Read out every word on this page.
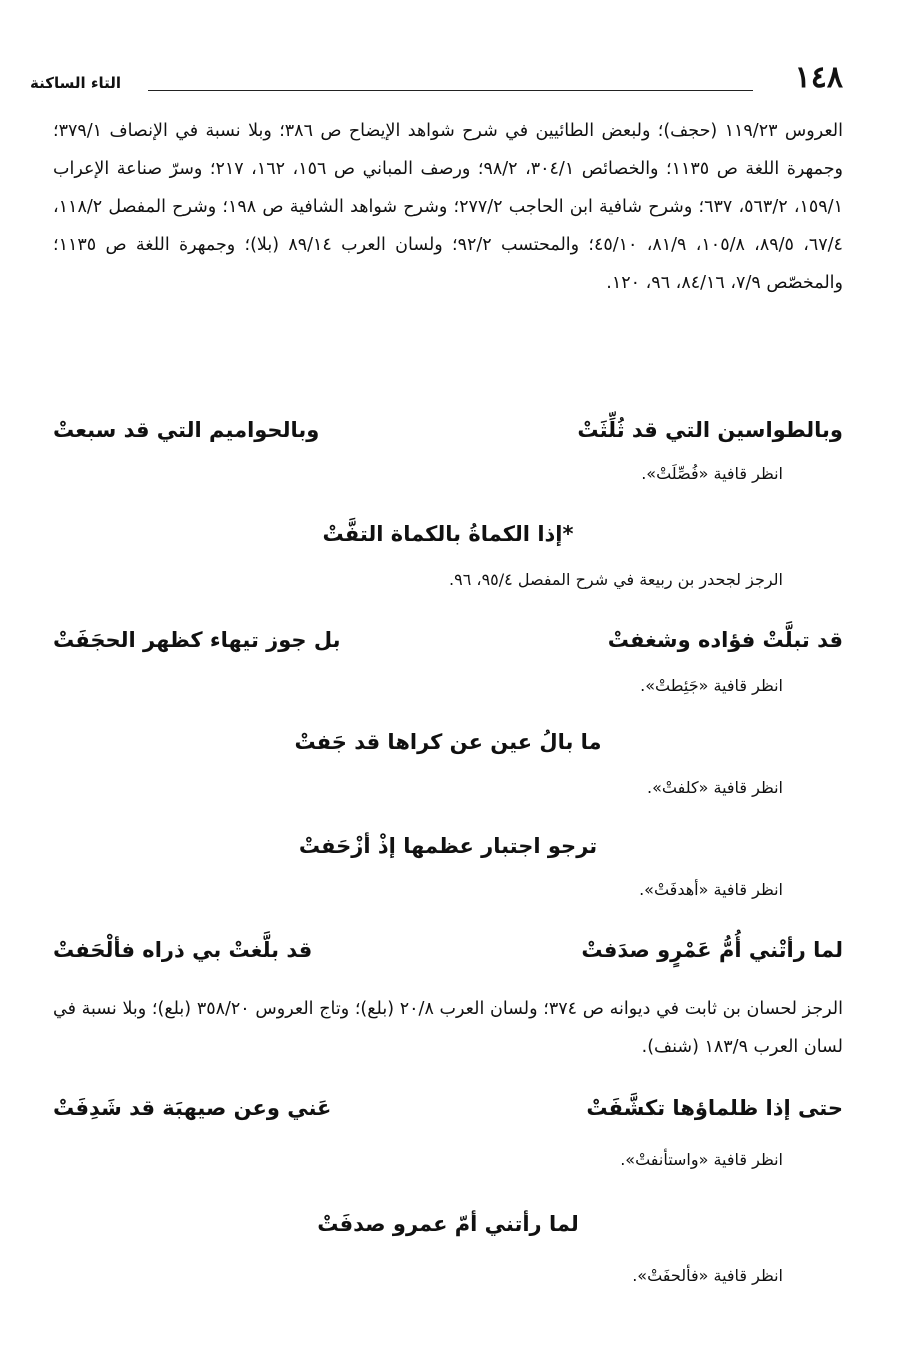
١٤٨
التاء الساكنة

العروس ١١٩/٢٣ (حجف)؛ ولبعض الطائيين في شرح شواهد الإيضاح ص ٣٨٦؛ وبلا نسبة في الإنصاف ٣٧٩/١؛ وجمهرة اللغة ص ١١٣٥؛ والخصائص ٣٠٤/١، ٩٨/٢؛ ورصف المباني ص ١٥٦، ١٦٢، ٢١٧؛ وسرّ صناعة الإعراب ١٥٩/١، ٥٦٣/٢، ٦٣٧؛ وشرح شافية ابن الحاجب ٢٧٧/٢؛ وشرح شواهد الشافية ص ١٩٨؛ وشرح المفصل ١١٨/٢، ٦٧/٤، ٨٩/٥، ١٠٥/٨، ٨١/٩، ٤٥/١٠؛ والمحتسب ٩٢/٢؛ ولسان العرب ٨٩/١٤ (بلا)؛ وجمهرة اللغة ص ١١٣٥؛ والمخصّص ٧/٩، ٨٤/١٦، ٩٦، ١٢٠.

وبالطواسين التي قد ثُلِّثَتْ
وبالحواميم التي قد سبعتْ
انظر قافية «فُصِّلَتْ».
*إذا الكماةُ بالكماة التفَّتْ
الرجز لجحدر بن ربيعة في شرح المفصل ٩٥/٤، ٩٦.
قد تبلَّتْ فؤاده وشغفتْ
بل جوز تيهاء كظهر الحجَفَتْ
انظر قافية «جَئِطتْ».
ما بالُ عين عن كراها قد جَفتْ
انظر قافية «كلفتْ».
ترجو اجتبار عظمها إذْ أزْحَفتْ
انظر قافية «أهدفَتْ».
لما رأتْني أُمُّ عَمْرٍو صدَفتْ
قد بلَّغتْ بي ذراه فألْحَفتْ

الرجز لحسان بن ثابت في ديوانه ص ٣٧٤؛ ولسان العرب ٢٠/٨ (بلع)؛ وتاج العروس ٣٥٨/٢٠ (بلع)؛ وبلا نسبة في لسان العرب ١٨٣/٩ (شنف).

حتى إذا ظلماؤها تكشَّفَتْ
عَني وعن صيهبَة قد شَدِفَتْ
انظر قافية «واستأنفتْ».
لما رأتني أمّ عمرو صدفَتْ
انظر قافية «فألحفَتْ».
